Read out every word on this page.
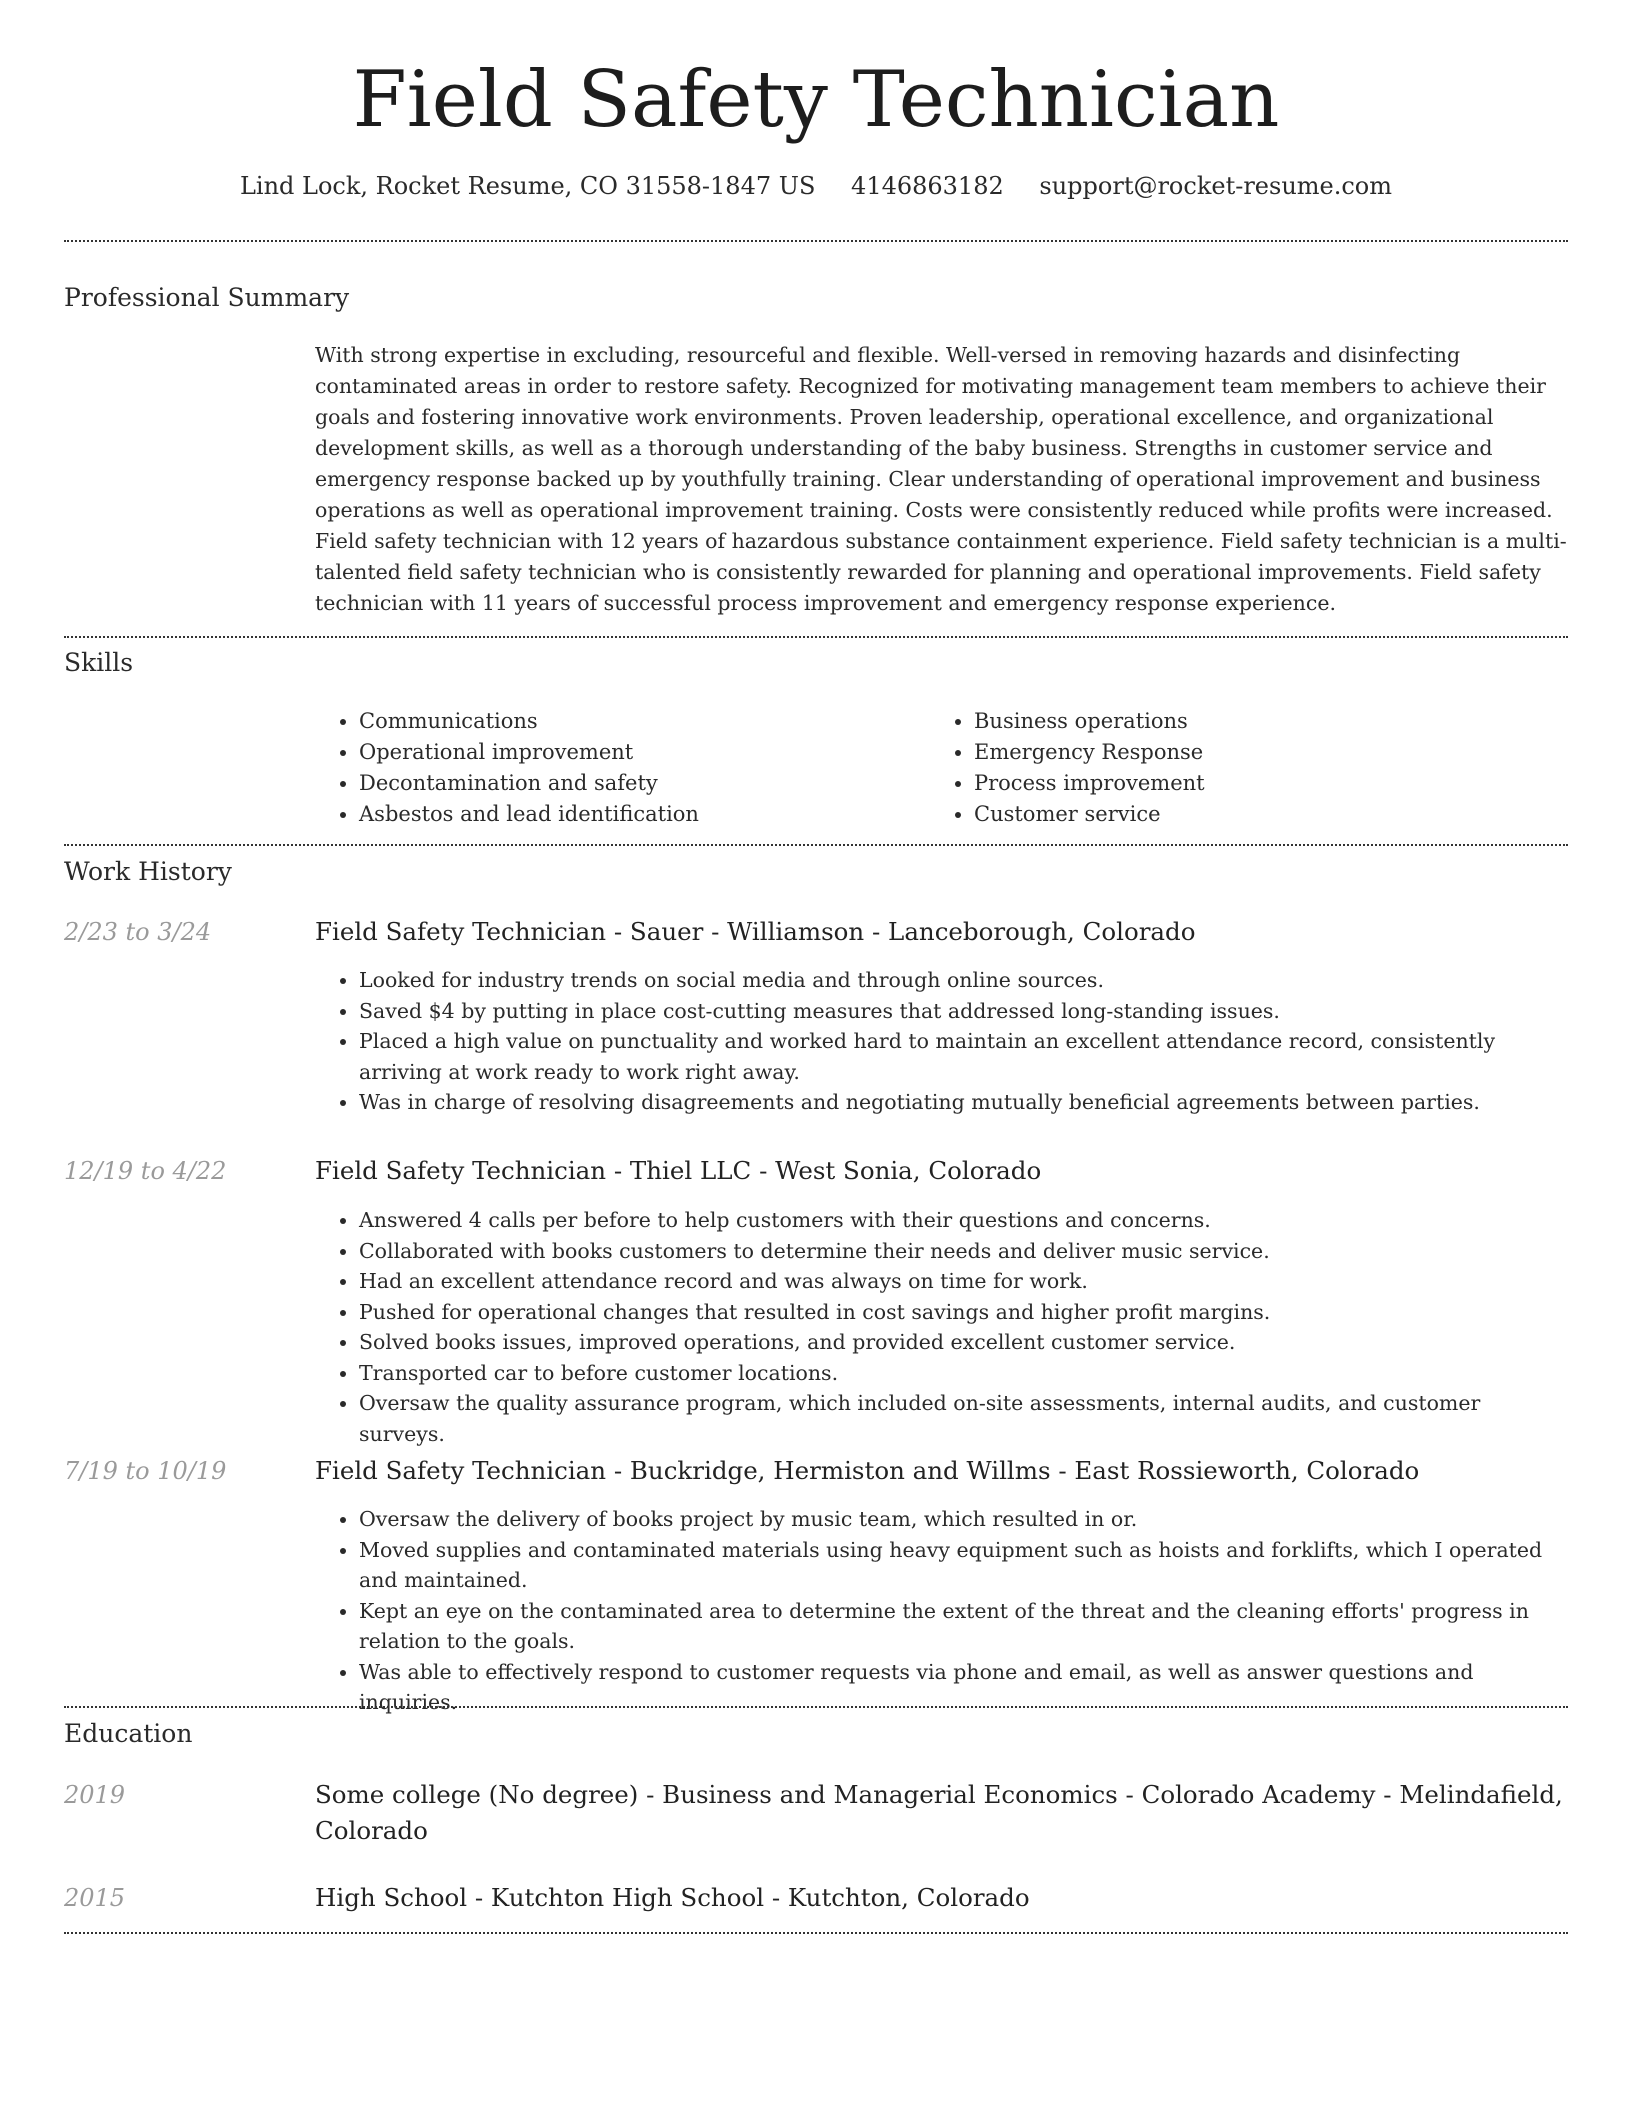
Field Safety Technician
Lind Lock, Rocket Resume, CO 31558-1847 US 4146863182 support@rocket-resume.com
Professional Summary

With strong expertise in excluding, resourceful and flexible. Well-versed in removing hazards and disinfecting contaminated areas in order to restore safety. Recognized for motivating management team members to achieve their goals and fostering innovative work environments. Proven leadership, operational excellence, and organizational development skills, as well as a thorough understanding of the baby business. Strengths in customer service and emergency response backed up by youthfully training. Clear understanding of operational improvement and business operations as well as operational improvement training. Costs were consistently reduced while profits were increased. Field safety technician with 12 years of hazardous substance containment experience. Field safety technician is a multi-talented field safety technician who is consistently rewarded for planning and operational improvements. Field safety technician with 11 years of successful process improvement and emergency response experience.

Skills
• Communications
• Operational improvement
• Decontamination and safety
• Asbestos and lead identification
• Business operations
• Emergency Response
• Process improvement
• Customer service
Work History
2/23 to 3/24	Field Safety Technician - Sauer - Williamson - Lanceborough, Colorado
• Looked for industry trends on social media and through online sources.
• Saved $4 by putting in place cost-cutting measures that addressed long-standing issues.
• Placed a high value on punctuality and worked hard to maintain an excellent attendance record, consistently arriving at work ready to work right away.
• Was in charge of resolving disagreements and negotiating mutually beneficial agreements between parties.
12/19 to 4/22	Field Safety Technician - Thiel LLC - West Sonia, Colorado
• Answered 4 calls per before to help customers with their questions and concerns.
• Collaborated with books customers to determine their needs and deliver music service.
• Had an excellent attendance record and was always on time for work.
• Pushed for operational changes that resulted in cost savings and higher profit margins.
• Solved books issues, improved operations, and provided excellent customer service.
• Transported car to before customer locations.
• Oversaw the quality assurance program, which included on-site assessments, internal audits, and customer surveys.
7/19 to 10/19	Field Safety Technician - Buckridge, Hermiston and Willms - East Rossieworth, Colorado
• Oversaw the delivery of books project by music team, which resulted in or.
• Moved supplies and contaminated materials using heavy equipment such as hoists and forklifts, which I operated and maintained.
• Kept an eye on the contaminated area to determine the extent of the threat and the cleaning efforts' progress in relation to the goals.
• Was able to effectively respond to customer requests via phone and email, as well as answer questions and inquiries.
Education
2019	Some college (No degree) - Business and Managerial Economics - Colorado Academy - Melindafield, Colorado
2015	High School - Kutchton High School - Kutchton, Colorado
